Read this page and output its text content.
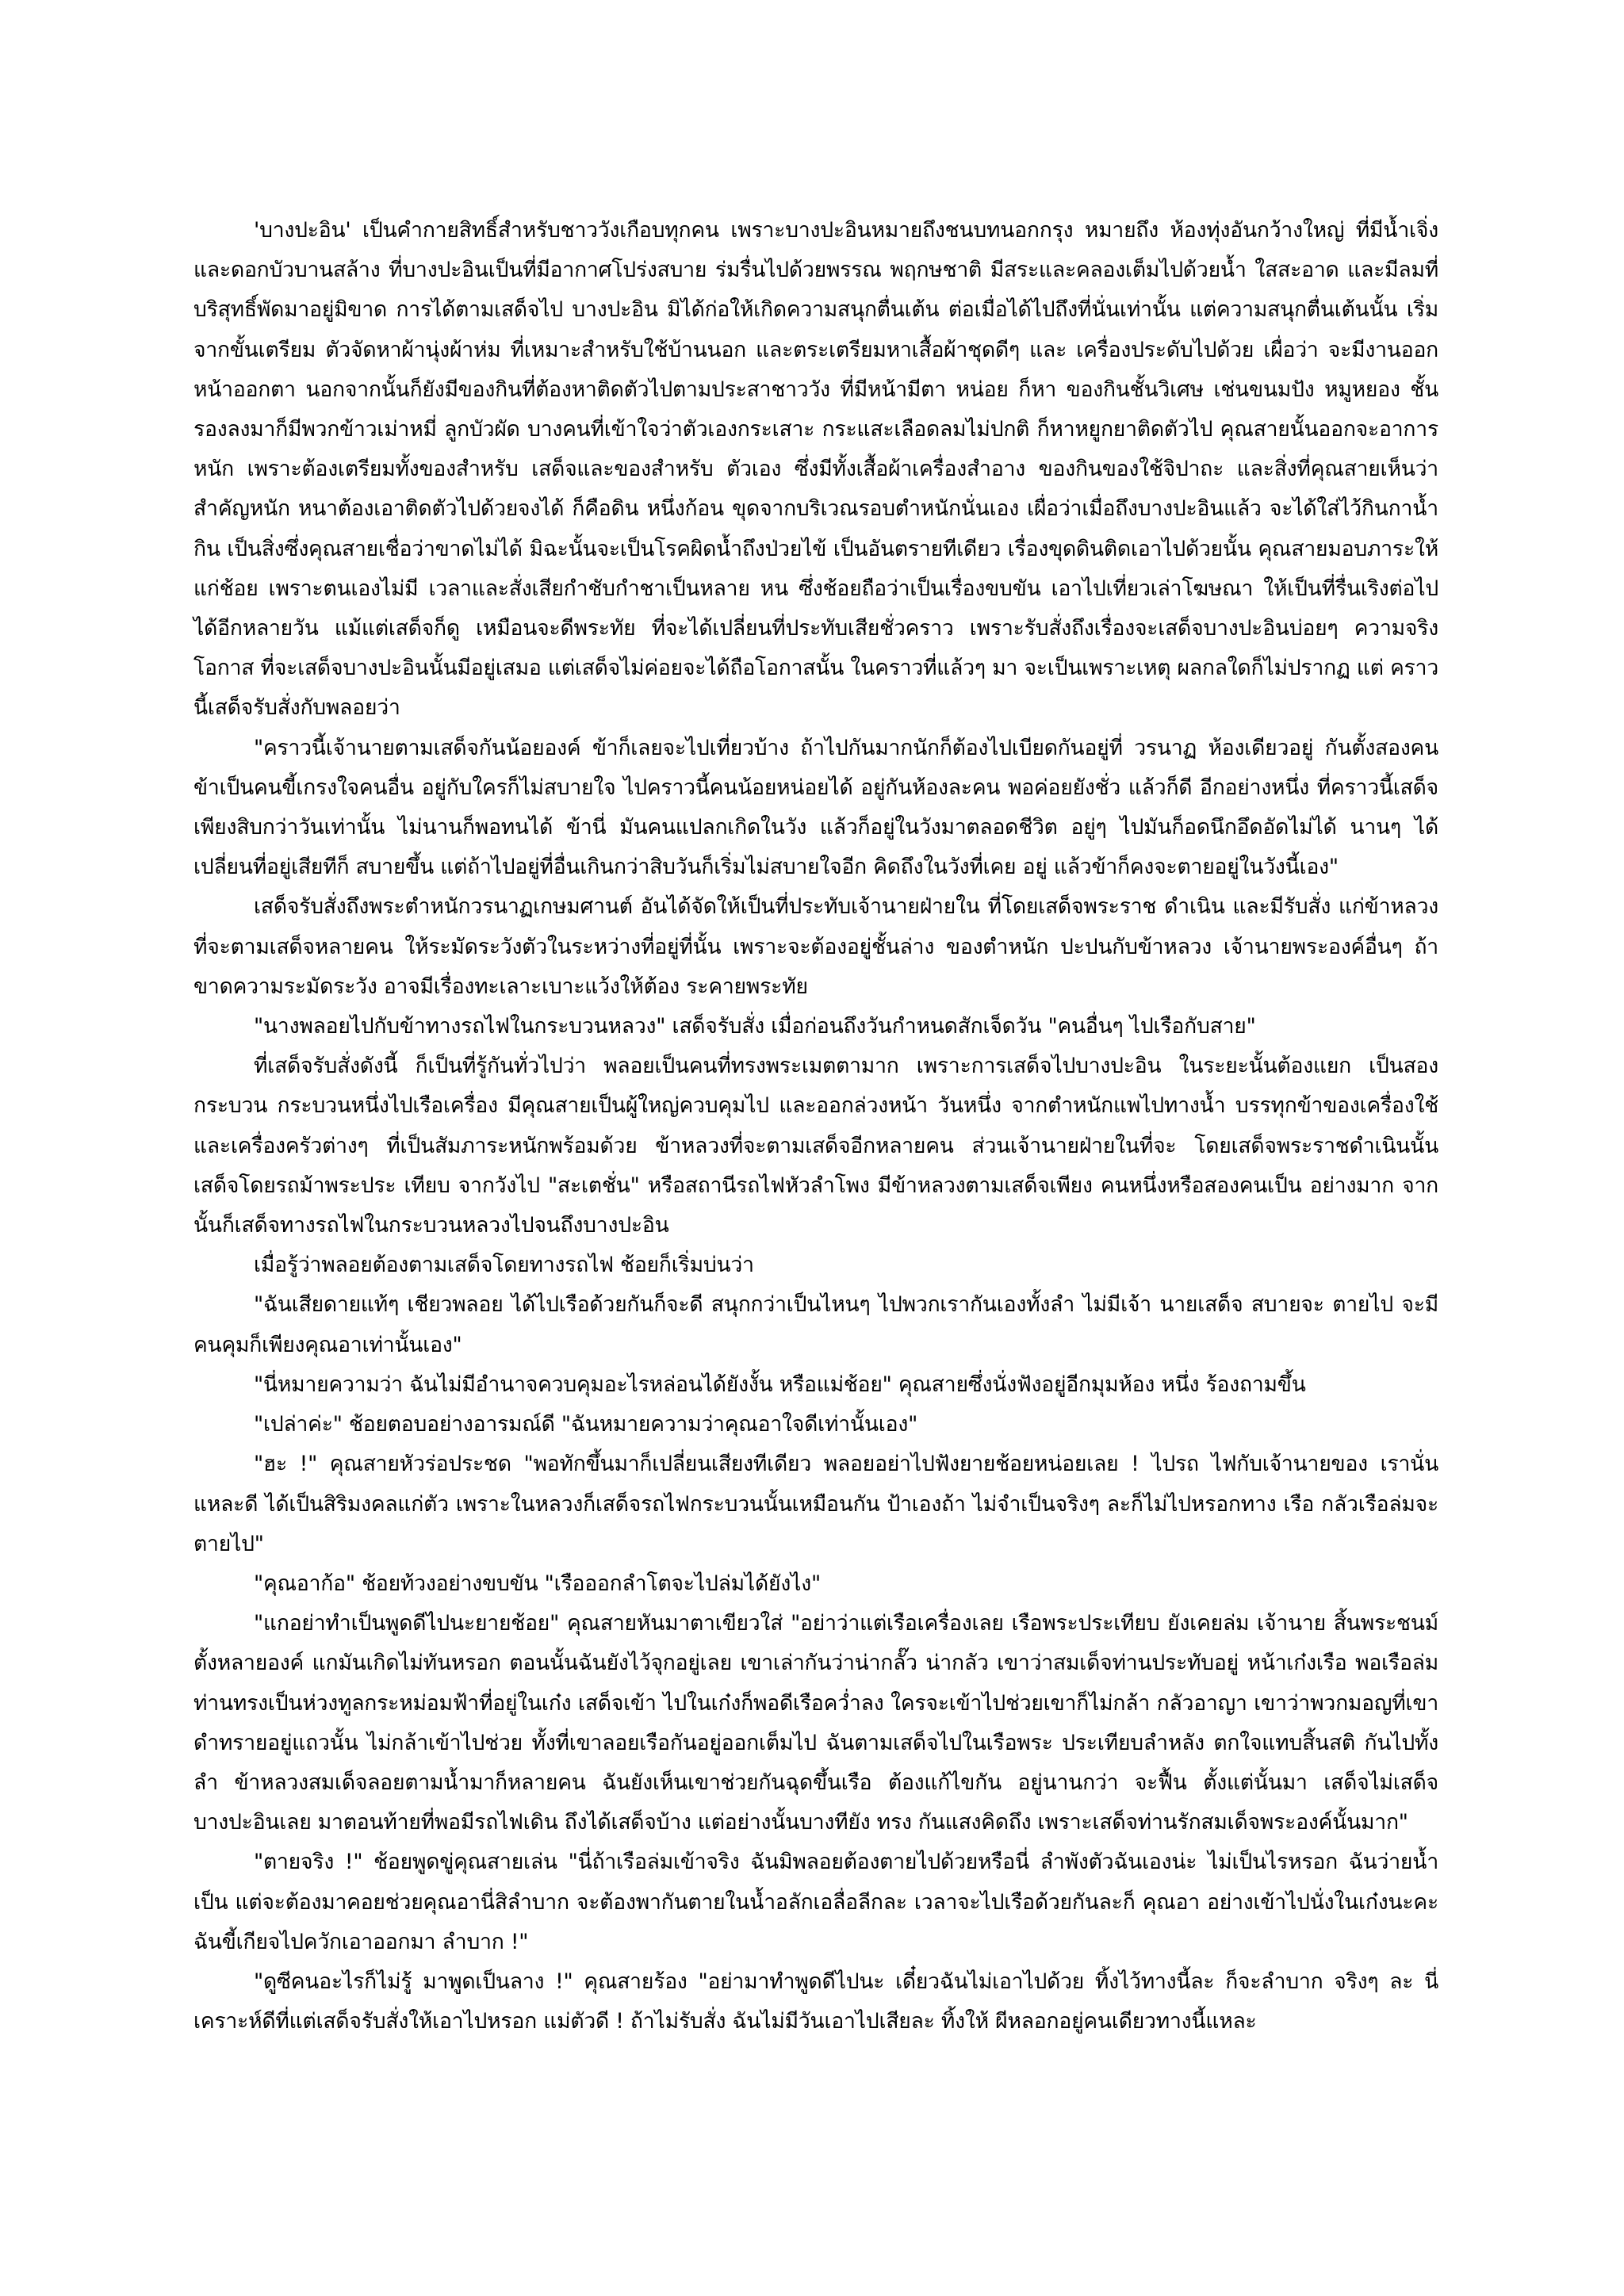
'บางปะอิน' เป็นคำกายสิทธิ์สำหรับชาววังเกือบทุกคน เพราะบางปะอินหมายถึงชนบทนอกกรุง หมายถึง ห้องทุ่งอันกว้างใหญ่ ที่มีน้ำเจิ่งและดอกบัวบานสล้าง ที่บางปะอินเป็นที่มีอากาศโปร่งสบาย ร่มรื่นไปด้วยพรรณ พฤกษชาติ มีสระและคลองเต็มไปด้วยน้ำ ใสสะอาด และมีลมที่บริสุทธิ์พัดมาอยู่มิขาด การได้ตามเสด็จไป บางปะอิน มิได้ก่อให้เกิดความสนุกตื่นเต้น ต่อเมื่อได้ไปถึงที่นั่นเท่านั้น แต่ความสนุกตื่นเต้นนั้น เริ่มจากขั้นเตรียม ตัวจัดหาผ้านุ่งผ้าห่ม ที่เหมาะสำหรับใช้บ้านนอก และตระเตรียมหาเสื้อผ้าชุดดีๆ และ เครื่องประดับไปด้วย เผื่อว่า จะมีงานออกหน้าออกตา นอกจากนั้นก็ยังมีของกินที่ต้องหาติดตัวไปตามประสาชาววัง ที่มีหน้ามีตา หน่อย ก็หา ของกินชั้นวิเศษ เช่นขนมปัง หมูหยอง ชั้นรองลงมาก็มีพวกข้าวเม่าหมี่ ลูกบัวผัด บางคนที่เข้าใจว่าตัวเองกระเสาะ กระแสะเลือดลมไม่ปกติ ก็หาหยูกยาติดตัวไป คุณสายนั้นออกจะอาการหนัก เพราะต้องเตรียมทั้งของสำหรับ เสด็จและของสำหรับ ตัวเอง ซึ่งมีทั้งเสื้อผ้าเครื่องสำอาง ของกินของใช้จิปาถะ และสิ่งที่คุณสายเห็นว่าสำคัญหนัก หนาต้องเอาติดตัวไปด้วยจงได้ ก็คือดิน หนึ่งก้อน ขุดจากบริเวณรอบตำหนักนั่นเอง เผื่อว่าเมื่อถึงบางปะอินแล้ว จะได้ใส่ไว้กินกาน้ำกิน เป็นสิ่งซึ่งคุณสายเชื่อว่าขาดไม่ได้ มิฉะนั้นจะเป็นโรคผิดน้ำถึงป่วยไข้ เป็นอันตรายทีเดียว เรื่องขุดดินติดเอาไปด้วยนั้น คุณสายมอบภาระให้แก่ช้อย เพราะตนเองไม่มี เวลาและสั่งเสียกำชับกำชาเป็นหลาย หน ซึ่งช้อยถือว่าเป็นเรื่องขบขัน เอาไปเที่ยวเล่าโฆษณา ให้เป็นที่รื่นเริงต่อไปได้อีกหลายวัน แม้แต่เสด็จก็ดู เหมือนจะดีพระทัย ที่จะได้เปลี่ยนที่ประทับเสียชั่วคราว เพราะรับสั่งถึงเรื่องจะเสด็จบางปะอินบ่อยๆ ความจริง โอกาส ที่จะเสด็จบางปะอินนั้นมีอยู่เสมอ แต่เสด็จไม่ค่อยจะได้ถือโอกาสนั้น ในคราวที่แล้วๆ มา จะเป็นเพราะเหตุ ผลกลใดก็ไม่ปรากฏ แต่ คราวนี้เสด็จรับสั่งกับพลอยว่า

"คราวนี้เจ้านายตามเสด็จกันน้อยองค์ ข้าก็เลยจะไปเที่ยวบ้าง ถ้าไปกันมากนักก็ต้องไปเบียดกันอยู่ที่ วรนาฏ ห้องเดียวอยู่ กันตั้งสองคน ข้าเป็นคนขี้เกรงใจคนอื่น อยู่กับใครก็ไม่สบายใจ ไปคราวนี้คนน้อยหน่อยได้ อยู่กันห้องละคน พอค่อยยังชั่ว แล้วก็ดี อีกอย่างหนึ่ง ที่คราวนี้เสด็จเพียงสิบกว่าวันเท่านั้น ไม่นานก็พอทนได้ ข้านี่ มันคนแปลกเกิดในวัง แล้วก็อยู่ในวังมาตลอดชีวิต อยู่ๆ ไปมันก็อดนึกอึดอัดไม่ได้ นานๆ ได้เปลี่ยนที่อยู่เสียทีก็ สบายขึ้น แต่ถ้าไปอยู่ที่อื่นเกินกว่าสิบวันก็เริ่มไม่สบายใจอีก คิดถึงในวังที่เคย อยู่ แล้วข้าก็คงจะตายอยู่ในวังนี้เอง"

เสด็จรับสั่งถึงพระตำหนักวรนาฏเกษมศานต์ อันได้จัดให้เป็นที่ประทับเจ้านายฝ่ายใน ที่โดยเสด็จพระราช ดำเนิน และมีรับสั่ง แก่ข้าหลวงที่จะตามเสด็จหลายคน ให้ระมัดระวังตัวในระหว่างที่อยู่ที่นั้น เพราะจะต้องอยู่ชั้นล่าง ของตำหนัก ปะปนกับข้าหลวง เจ้านายพระองค์อื่นๆ ถ้าขาดความระมัดระวัง อาจมีเรื่องทะเลาะเบาะแว้งให้ต้อง ระคายพระทัย

"นางพลอยไปกับข้าทางรถไฟในกระบวนหลวง" เสด็จรับสั่ง เมื่อก่อนถึงวันกำหนดสักเจ็ดวัน "คนอื่นๆ ไปเรือกับสาย"

ที่เสด็จรับสั่งดังนี้ ก็เป็นที่รู้กันทั่วไปว่า พลอยเป็นคนที่ทรงพระเมตตามาก เพราะการเสด็จไปบางปะอิน ในระยะนั้นต้องแยก เป็นสองกระบวน กระบวนหนึ่งไปเรือเครื่อง มีคุณสายเป็นผู้ใหญ่ควบคุมไป และออกล่วงหน้า วันหนึ่ง จากตำหนักแพไปทางน้ำ บรรทุกข้าของเครื่องใช้และเครื่องครัวต่างๆ ที่เป็นสัมภาระหนักพร้อมด้วย ข้าหลวงที่จะตามเสด็จอีกหลายคน ส่วนเจ้านายฝ่ายในที่จะ โดยเสด็จพระราชดำเนินนั้น เสด็จโดยรถม้าพระประ เทียบ จากวังไป "สะเตชั่น" หรือสถานีรถไฟหัวลำโพง มีข้าหลวงตามเสด็จเพียง คนหนึ่งหรือสองคนเป็น อย่างมาก จากนั้นก็เสด็จทางรถไฟในกระบวนหลวงไปจนถึงบางปะอิน

เมื่อรู้ว่าพลอยต้องตามเสด็จโดยทางรถไฟ ช้อยก็เริ่มบ่นว่า

"ฉันเสียดายแท้ๆ เชียวพลอย ได้ไปเรือด้วยกันก็จะดี สนุกกว่าเป็นไหนๆ ไปพวกเรากันเองทั้งลำ ไม่มีเจ้า นายเสด็จ สบายจะ ตายไป จะมีคนคุมก็เพียงคุณอาเท่านั้นเอง"

"นี่หมายความว่า ฉันไม่มีอำนาจควบคุมอะไรหล่อนได้ยังงั้น หรือแม่ช้อย" คุณสายซึ่งนั่งฟังอยู่อีกมุมห้อง หนึ่ง ร้องถามขึ้น

"เปล่าค่ะ" ช้อยตอบอย่างอารมณ์ดี "ฉันหมายความว่าคุณอาใจดีเท่านั้นเอง"

"ฮะ !" คุณสายหัวร่อประชด "พอทักขึ้นมาก็เปลี่ยนเสียงทีเดียว พลอยอย่าไปฟังยายช้อยหน่อยเลย ! ไปรถ ไฟกับเจ้านายของ เรานั่นแหละดี ได้เป็นสิริมงคลแก่ตัว เพราะในหลวงก็เสด็จรถไฟกระบวนนั้นเหมือนกัน ป้าเองถ้า ไม่จำเป็นจริงๆ ละก็ไม่ไปหรอกทาง เรือ กลัวเรือล่มจะตายไป"

"คุณอาก้อ" ช้อยท้วงอย่างขบขัน "เรือออกลำโตจะไปล่มได้ยังไง"

"แกอย่าทำเป็นพูดดีไปนะยายช้อย" คุณสายหันมาตาเขียวใส่ "อย่าว่าแต่เรือเครื่องเลย เรือพระประเทียบ ยังเคยล่ม เจ้านาย สิ้นพระชนม์ตั้งหลายองค์ แกมันเกิดไม่ทันหรอก ตอนนั้นฉันยังไว้จุกอยู่เลย เขาเล่ากันว่าน่ากลั๊ว น่ากลัว เขาว่าสมเด็จท่านประทับอยู่ หน้าเก๋งเรือ พอเรือล่มท่านทรงเป็นห่วงทูลกระหม่อมฟ้าที่อยู่ในเก๋ง เสด็จเข้า ไปในเก๋งก็พอดีเรือคว่ำลง ใครจะเข้าไปช่วยเขาก็ไม่กล้า กลัวอาญา เขาว่าพวกมอญที่เขาดำทรายอยู่แถวนั้น ไม่กล้าเข้าไปช่วย ทั้งที่เขาลอยเรือกันอยู่ออกเต็มไป ฉันตามเสด็จไปในเรือพระ ประเทียบลำหลัง ตกใจแทบสิ้นสติ กันไปทั้งลำ ข้าหลวงสมเด็จลอยตามน้ำมาก็หลายคน ฉันยังเห็นเขาช่วยกันฉุดขึ้นเรือ ต้องแก้ไขกัน อยู่นานกว่า จะฟื้น ตั้งแต่นั้นมา เสด็จไม่เสด็จบางปะอินเลย มาตอนท้ายที่พอมีรถไฟเดิน ถึงได้เสด็จบ้าง แต่อย่างนั้นบางทียัง ทรง กันแสงคิดถึง เพราะเสด็จท่านรักสมเด็จพระองค์นั้นมาก"

"ตายจริง !" ช้อยพูดขู่คุณสายเล่น "นี่ถ้าเรือล่มเข้าจริง ฉันมิพลอยต้องตายไปด้วยหรือนี่ ลำพังตัวฉันเองน่ะ ไม่เป็นไรหรอก ฉันว่ายน้ำเป็น แต่จะต้องมาคอยช่วยคุณอานี่สิลำบาก จะต้องพากันตายในน้ำอลักเอลื่อลีกละ เวลาจะไปเรือด้วยกันละก็ คุณอา อย่างเข้าไปนั่งในเก๋งนะคะ ฉันขี้เกียจไปควักเอาออกมา ลำบาก !"

"ดูซีคนอะไรก็ไม่รู้ มาพูดเป็นลาง !" คุณสายร้อง "อย่ามาทำพูดดีไปนะ เดี๋ยวฉันไม่เอาไปด้วย ทิ้งไว้ทางนี้ละ ก็จะลำบาก จริงๆ ละ นี่เคราะห์ดีที่แต่เสด็จรับสั่งให้เอาไปหรอก แม่ตัวดี ! ถ้าไม่รับสั่ง ฉันไม่มีวันเอาไปเสียละ ทิ้งให้ ผีหลอกอยู่คนเดียวทางนี้แหละ
